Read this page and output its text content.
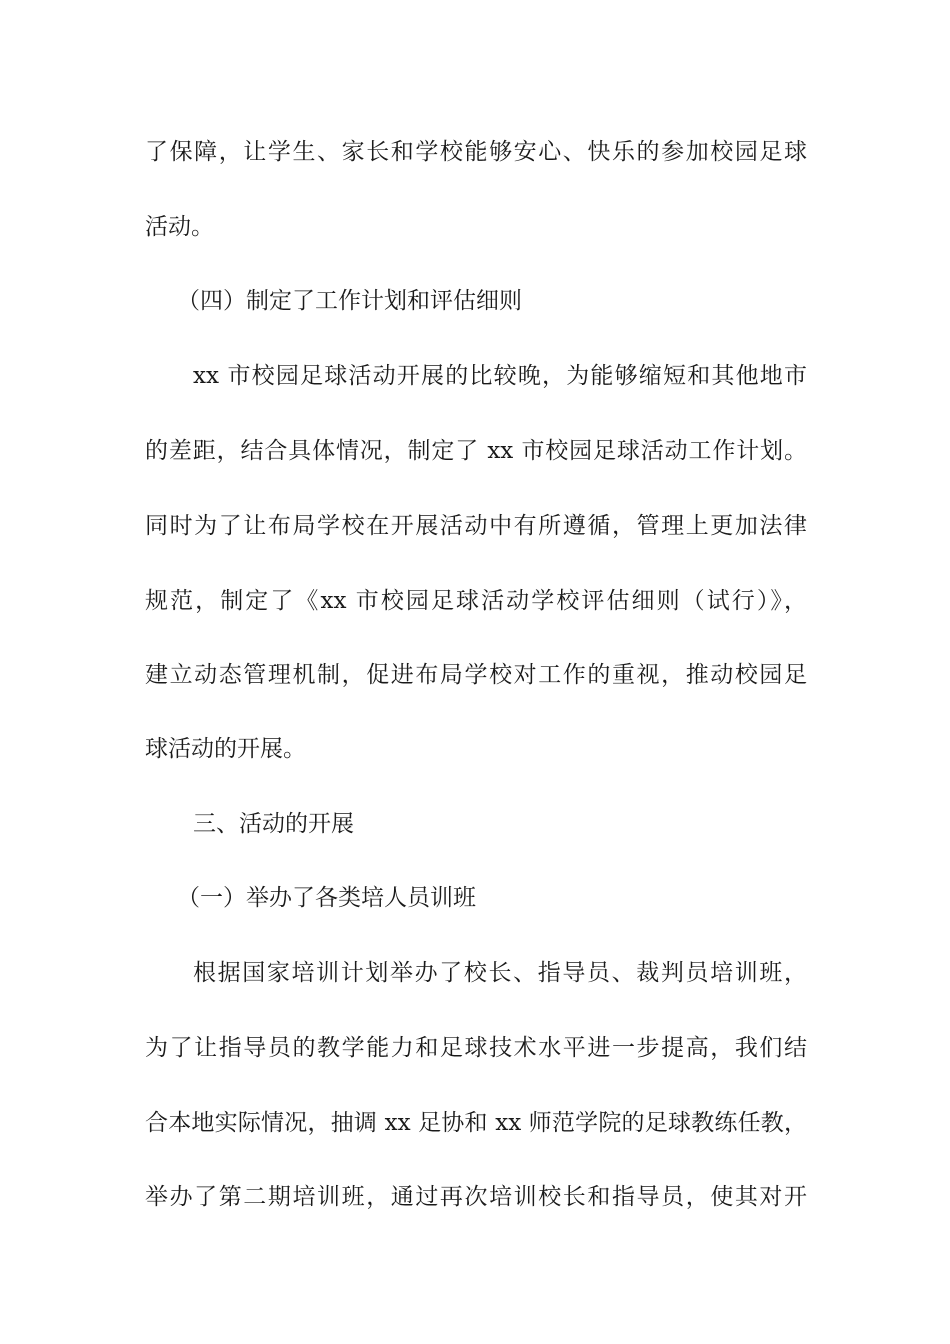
了保障，让学生、家长和学校能够安心、快乐的参加校园足球
活动。
（四）制定了工作计划和评估细则
xx 市校园足球活动开展的比较晚，为能够缩短和其他地市
的差距，结合具体情况，制定了 xx 市校园足球活动工作计划。
同时为了让布局学校在开展活动中有所遵循，管理上更加法律
规范，制定了《xx 市校园足球活动学校评估细则（试行）》，
建立动态管理机制，促进布局学校对工作的重视，推动校园足
球活动的开展。
三、活动的开展
（一）举办了各类培人员训班
根据国家培训计划举办了校长、指导员、裁判员培训班，
为了让指导员的教学能力和足球技术水平进一步提高，我们结
合本地实际情况，抽调 xx 足协和 xx 师范学院的足球教练任教，
举办了第二期培训班，通过再次培训校长和指导员，使其对开
